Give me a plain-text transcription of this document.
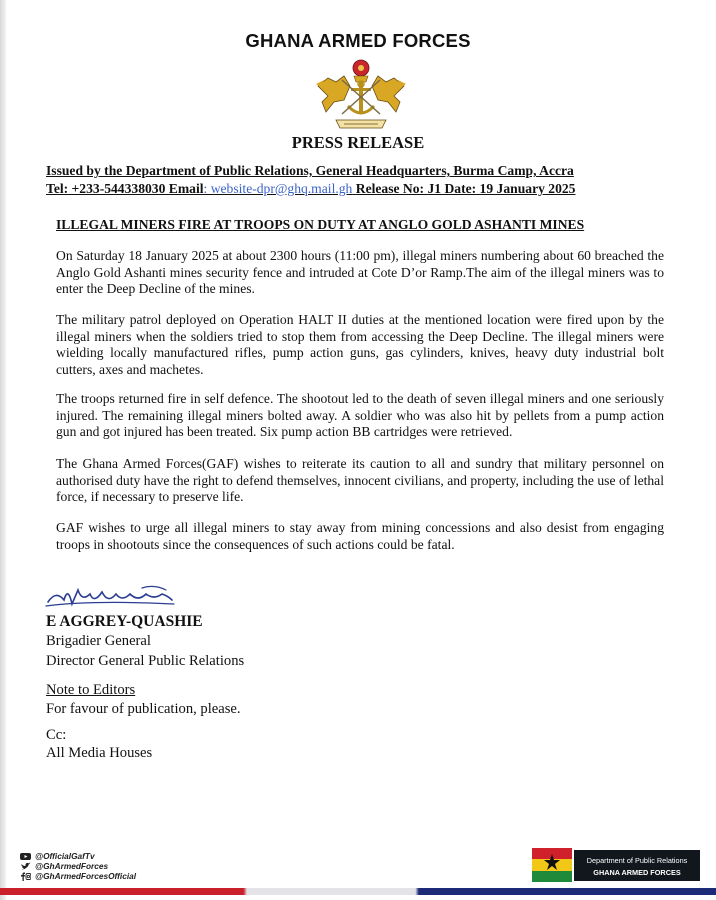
GHANA ARMED FORCES
PRESS RELEASE
Issued by the Department of Public Relations, General Headquarters, Burma Camp, Accra
Tel: +233-544338030 Email: website-dpr@ghq.mail.gh Release No: J1 Date: 19 January 2025
ILLEGAL MINERS FIRE AT TROOPS ON DUTY AT ANGLO GOLD ASHANTI MINES
On Saturday 18 January 2025 at about 2300 hours (11:00 pm), illegal miners numbering about 60 breached the Anglo Gold Ashanti mines security fence and intruded at Cote D’or Ramp.The aim of the illegal miners was to enter the Deep Decline of the mines.
The military patrol deployed on Operation HALT II duties at the mentioned location were fired upon by the illegal miners when the soldiers tried to stop them from accessing the Deep Decline. The illegal miners were wielding locally manufactured rifles, pump action guns, gas cylinders, knives, heavy duty industrial bolt cutters, axes and machetes.
The troops returned fire in self defence. The shootout led to the death of seven illegal miners and one seriously injured. The remaining illegal miners bolted away. A soldier who was also hit by pellets from a pump action gun and got injured has been treated. Six pump action BB cartridges were retrieved.
The Ghana Armed Forces(GAF) wishes to reiterate its caution to all and sundry that military personnel on authorised duty have the right to defend themselves, innocent civilians, and property, including the use of lethal force, if necessary to preserve life.
GAF wishes to urge all illegal miners to stay away from mining concessions and also desist from engaging troops in shootouts since the consequences of such actions could be fatal.
E AGGREY-QUASHIE
Brigadier General
Director General Public Relations
Note to Editors
For favour of publication, please.
Cc:
All Media Houses
@OfficialGafTv
@GhArmedForces
@GhArmedForcesOfficial
Department of Public Relations
GHANA ARMED FORCES
